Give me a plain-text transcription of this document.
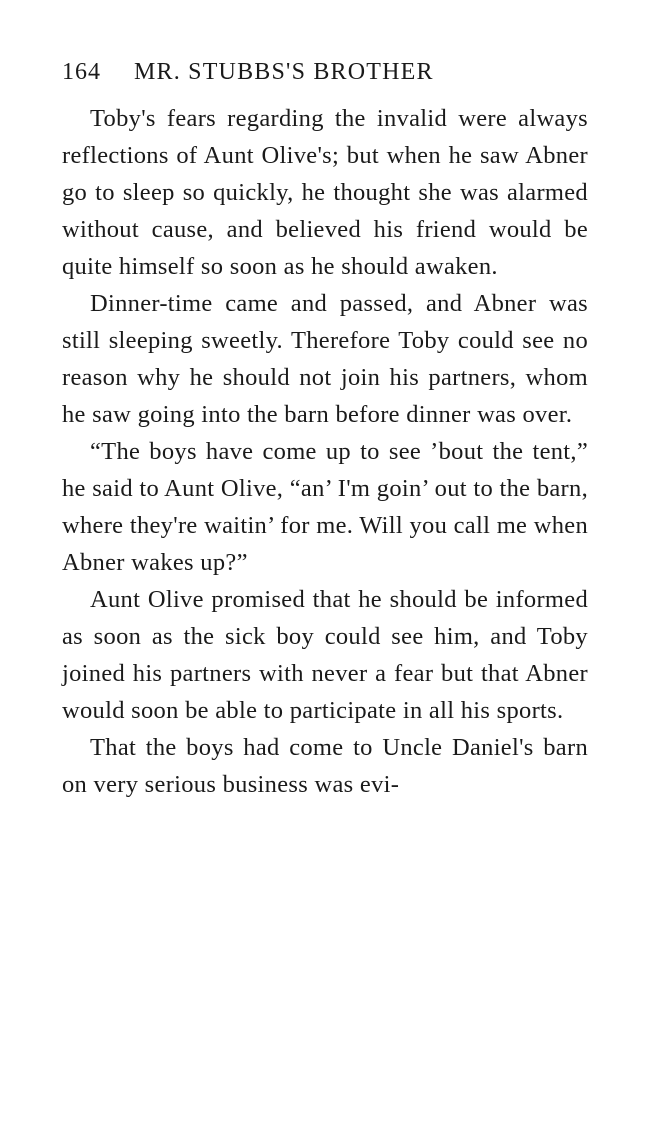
164 MR. STUBBS'S BROTHER

Toby's fears regarding the invalid were always reflections of Aunt Olive's; but when he saw Abner go to sleep so quickly, he thought she was alarmed without cause, and believed his friend would be quite himself so soon as he should awaken.

Dinner-time came and passed, and Abner was still sleeping sweetly. Therefore Toby could see no reason why he should not join his partners, whom he saw going into the barn before dinner was over.

“The boys have come up to see ’bout the tent,” he said to Aunt Olive, “an’ I'm goin’ out to the barn, where they're waitin’ for me. Will you call me when Abner wakes up?”

Aunt Olive promised that he should be informed as soon as the sick boy could see him, and Toby joined his partners with never a fear but that Abner would soon be able to participate in all his sports.

That the boys had come to Uncle Daniel's barn on very serious business was evi-
